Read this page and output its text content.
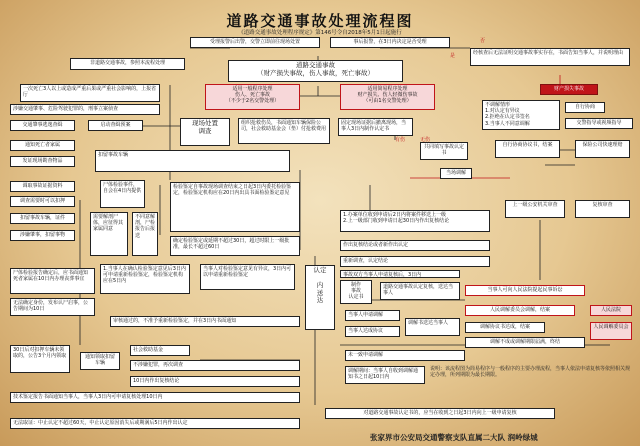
道路交通事故处理流程图
《道路交通事故处理程序规定》第146号令自2018年5月1日起施行
受理报警后出警，交警立即前往现场处置	事后报警，在3日内决定是否受理
经核查后无法证明交通事故事实存在，书面告知当事人，并说明理由
非道路交通事故，参照本流程处理	道路交通事故
（财产损失事故，伤人事故，死亡事故）
一次死亡3人以上或造成严重后果或严重社会影响的，上报省厅
适用一般程序处理
伤人、死亡事故
（不少于2名交警处理）
适用简易程序处理
财产损失、伤人轻微伤事故
（可由1名交警处理）
财产损失事故
涉嫌交通肇事、危险驾驶犯罪的，刑事立案侦查
交通肇事逃逸查缉	启动查缉预案	现场处置
调查
组织抢救伤员，书面通知车辆保险公司，社会救助基金会（垫）付抢救费用
固定现场证据后撤离现场，当事人3日内制作认定书
不调解情形
1.对认定有异议
2.拒绝在认定书签名
3.当事人不同意调解
自行协商
通知死亡者家属	共同填写事故认定书
当场调解
自行协商协议书，结案
交警指导或视频指导
保险公司快速理赔
发证现场勘查物品
调取事故证据资料
调查需要时可以扣押
扣留事故车辆，证件
涉嫌肇事，扣留事物
扣留事故车辆
尸体检验事件，自会在4日内提供
需要解剖尸体，应征得其家属同意
不同意解剖，尸检报告后报送
检验鉴定自事故现场调查结束之日起3日内委托检验鉴定，检验鉴定机构应在20日内出具书面检验鉴定意见
确定检验鉴定或延期不超过30日，超过时限上一级批准，最长不超过60日
1.办案单位收到申请后2日内将案件移送上一级
2.上一级部门收到申请日起30日内作出复核结论
上一级公安机关审查	复核审查
作出复核结论或者新作出认定
重新调查，认定结论
1.当事人在确认检验鉴定意见后3日内可申请重新检验鉴定，检验鉴定机构应在5日内
尸体检验报告确定后，应书面通知死者家属在10日内办理丧葬事宜
无法确定身份，发布认尸启事，公告期间为10日
当事人对检验鉴定意见有异议，3日内可以申请重新检验鉴定
审核通过的，不准予重新检验鉴定，并在3日内书面通知
认定

内
送
达
制作
事故
认定书
事故双方当事人申请复核后，3日内
道路交通事故认定复核，送达当事人
当事人可向人民法院提起民事诉讼
人民调解委员会调解，结案
调解协议书达成，结案
调解不成或调解期限届满，终结
人民法院
人民调解委员会
当事人申请调解
当事人达成协议
调解书送达当事人
未一致申请调解
30日后对扣押车辆未领取的，公告3个月内领取	通知领取扣留车辆
社会救助基金
不涉嫌犯罪，再次调查
10日内作出复核结论
调解期间：当事人自收到调解通知书之日起10日内
技术鉴定报告书面通知当事人，当事人3日内可申请复核处理10日内
无法取证：中止认定不超过60天，中止认定原因消失后或期满后5日内作出认定
对道路交通事故认定书的，应当在收到之日起3日内向上一级申请复核
否
是
有伤	无伤
说明：该流程图为简易程序与一般程序的主要办理流程，当事人依法申请复核等依照相关规定办理，所列期限为最长期限。
张家界市公安局交通警察支队直属二大队 润岭绿城
